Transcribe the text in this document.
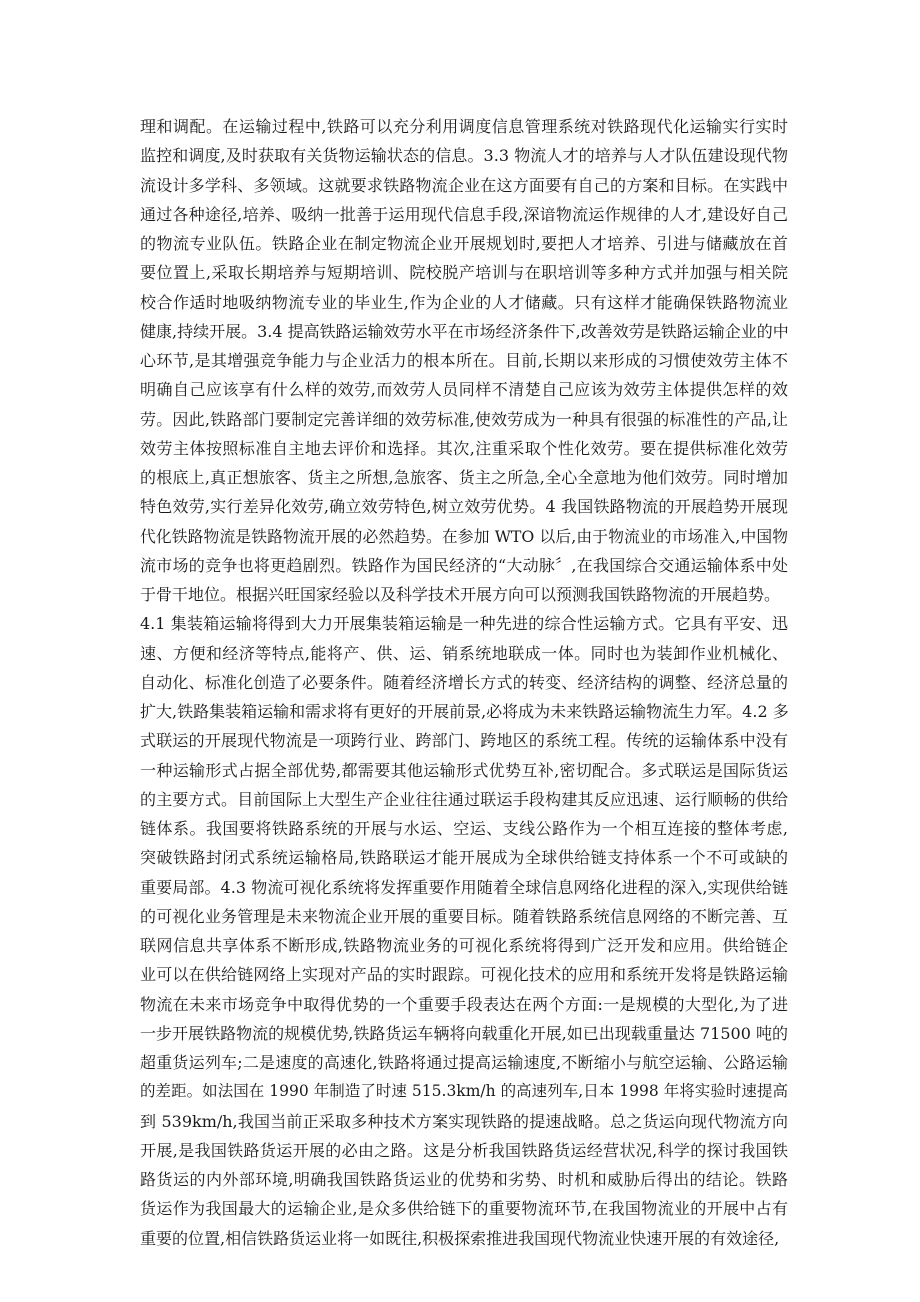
理和调配。在运输过程中,铁路可以充分利用调度信息管理系统对铁路现代化运输实行实时
监控和调度,及时获取有关货物运输状态的信息。3.3 物流人才的培养与人才队伍建设现代物
流设计多学科、多领域。这就要求铁路物流企业在这方面要有自己的方案和目标。在实践中
通过各种途径,培养、吸纳一批善于运用现代信息手段,深谙物流运作规律的人才,建设好自己
的物流专业队伍。铁路企业在制定物流企业开展规划时,要把人才培养、引进与储藏放在首
要位置上,采取长期培养与短期培训、院校脱产培训与在职培训等多种方式并加强与相关院
校合作适时地吸纳物流专业的毕业生,作为企业的人才储藏。只有这样才能确保铁路物流业
健康,持续开展。3.4 提高铁路运输效劳水平在市场经济条件下,改善效劳是铁路运输企业的中
心环节,是其增强竞争能力与企业活力的根本所在。目前,长期以来形成的习惯使效劳主体不
明确自己应该享有什么样的效劳,而效劳人员同样不清楚自己应该为效劳主体提供怎样的效
劳。因此,铁路部门要制定完善详细的效劳标准,使效劳成为一种具有很强的标准性的产品,让
效劳主体按照标准自主地去评价和选择。其次,注重采取个性化效劳。要在提供标准化效劳
的根底上,真正想旅客、货主之所想,急旅客、货主之所急,全心全意地为他们效劳。同时增加
特色效劳,实行差异化效劳,确立效劳特色,树立效劳优势。4 我国铁路物流的开展趋势开展现
代化铁路物流是铁路物流开展的必然趋势。在参加 WTO 以后,由于物流业的市场准入,中国物
流市场的竞争也将更趋剧烈。铁路作为国民经济的“大动脉〞,在我国综合交通运输体系中处
于骨干地位。根据兴旺国家经验以及科学技术开展方向可以预测我国铁路物流的开展趋势。
4.1 集装箱运输将得到大力开展集装箱运输是一种先进的综合性运输方式。它具有平安、迅
速、方便和经济等特点,能将产、供、运、销系统地联成一体。同时也为装卸作业机械化、
自动化、标准化创造了必要条件。随着经济增长方式的转变、经济结构的调整、经济总量的
扩大,铁路集装箱运输和需求将有更好的开展前景,必将成为未来铁路运输物流生力军。4.2 多
式联运的开展现代物流是一项跨行业、跨部门、跨地区的系统工程。传统的运输体系中没有
一种运输形式占据全部优势,都需要其他运输形式优势互补,密切配合。多式联运是国际货运
的主要方式。目前国际上大型生产企业往往通过联运手段构建其反应迅速、运行顺畅的供给
链体系。我国要将铁路系统的开展与水运、空运、支线公路作为一个相互连接的整体考虑,
突破铁路封闭式系统运输格局,铁路联运才能开展成为全球供给链支持体系一个不可或缺的
重要局部。4.3 物流可视化系统将发挥重要作用随着全球信息网络化进程的深入,实现供给链
的可视化业务管理是未来物流企业开展的重要目标。随着铁路系统信息网络的不断完善、互
联网信息共享体系不断形成,铁路物流业务的可视化系统将得到广泛开发和应用。供给链企
业可以在供给链网络上实现对产品的实时跟踪。可视化技术的应用和系统开发将是铁路运输
物流在未来市场竞争中取得优势的一个重要手段表达在两个方面:一是规模的大型化,为了进
一步开展铁路物流的规模优势,铁路货运车辆将向载重化开展,如已出现载重量达 71500 吨的
超重货运列车;二是速度的高速化,铁路将通过提高运输速度,不断缩小与航空运输、公路运输
的差距。如法国在 1990 年制造了时速 515.3km/h 的高速列车,日本 1998 年将实验时速提高
到 539km/h,我国当前正采取多种技术方案实现铁路的提速战略。总之货运向现代物流方向
开展,是我国铁路货运开展的必由之路。这是分析我国铁路货运经营状况,科学的探讨我国铁
路货运的内外部环境,明确我国铁路货运业的优势和劣势、时机和威胁后得出的结论。铁路
货运作为我国最大的运输企业,是众多供给链下的重要物流环节,在我国物流业的开展中占有
重要的位置,相信铁路货运业将一如既往,积极探索推进我国现代物流业快速开展的有效途径,
